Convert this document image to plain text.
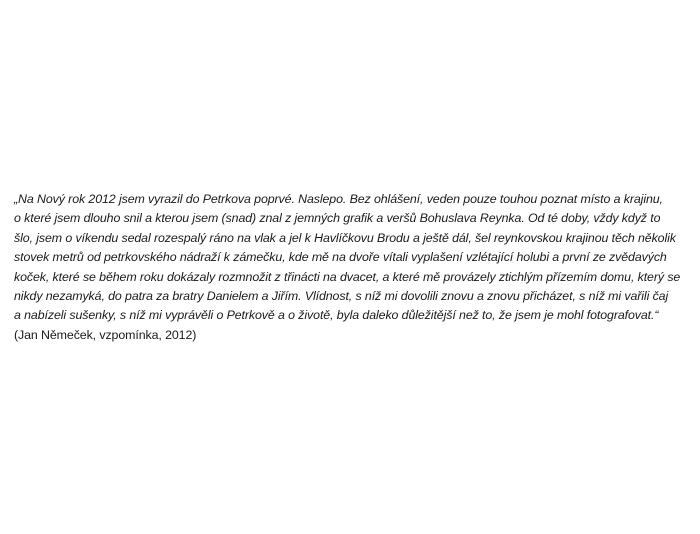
„Na Nový rok 2012 jsem vyrazil do Petrkova poprvé. Naslepo. Bez ohlášení, veden pouze touhou poznat místo a krajinu,
o které jsem dlouho snil a kterou jsem (snad) znal z jemných grafik a veršů Bohuslava Reynka. Od té doby, vždy když to
šlo, jsem o víkendu sedal rozespalý ráno na vlak a jel k Havlíčkovu Brodu a ještě dál, šel reynkovskou krajinou těch několik
stovek metrů od petrkovského nádraží k zámečku, kde mě na dvoře vítali vyplašení vzlétající holubi a první ze zvědavých
koček, které se během roku dokázaly rozmnožit z třinácti na dvacet, a které mě provázely ztichlým přízemím domu, který se
nikdy nezamyká, do patra za bratry Danielem a Jiřím. Vlídnost, s níž mi dovolili znovu a znovu přicházet, s níž mi vařili čaj
a nabízeli sušenky, s níž mi vyprávěli o Petrkově a o životě, byla daleko důležitější než to, že jsem je mohl fotografovat.“
(Jan Němeček, vzpomínka, 2012)
